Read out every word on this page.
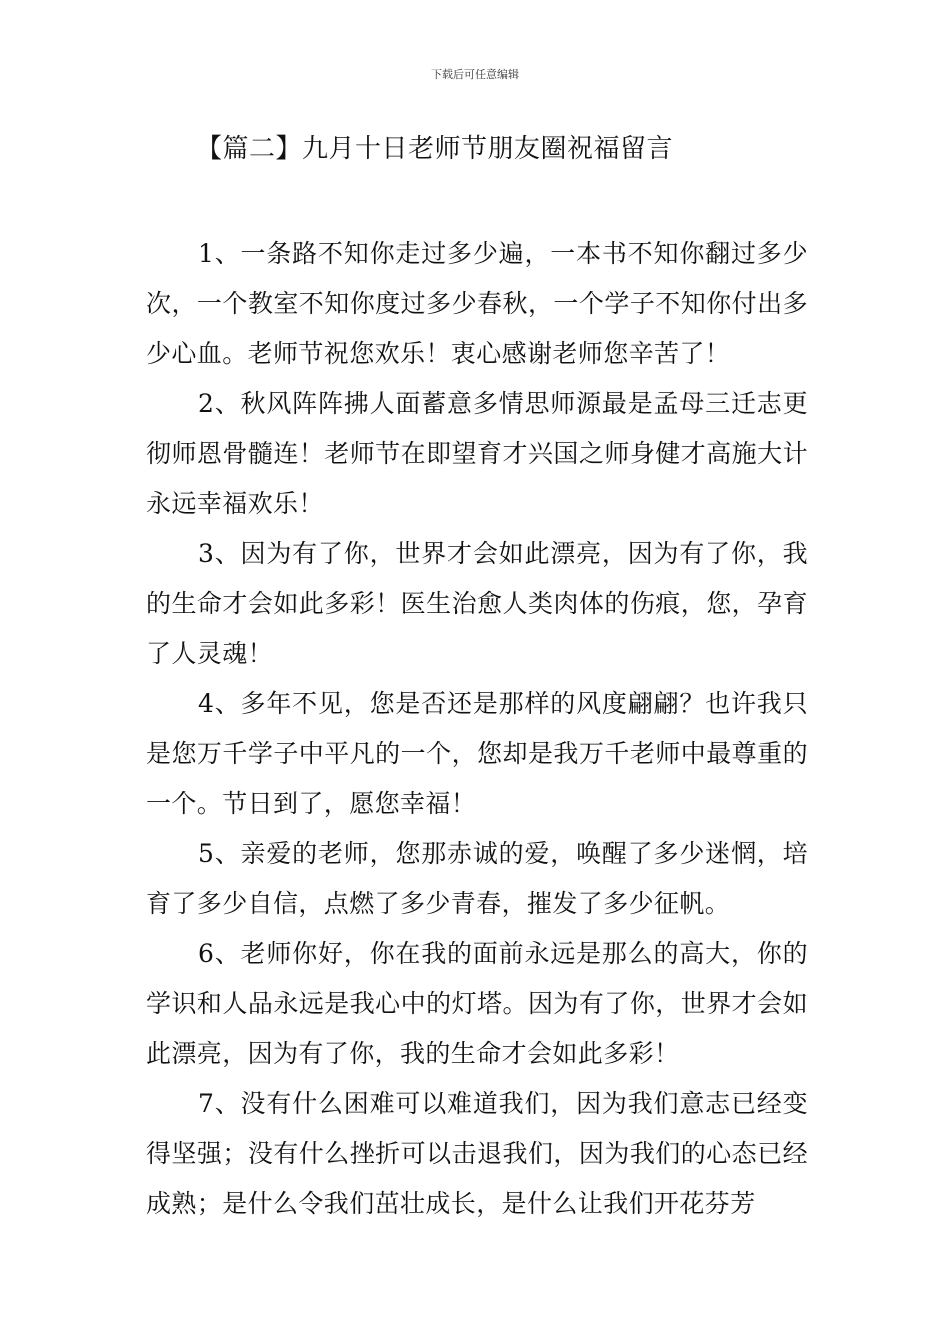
下载后可任意编辑
【篇二】九月十日老师节朋友圈祝福留言

1、一条路不知你走过多少遍，一本书不知你翻过多少次，一个教室不知你度过多少春秋，一个学子不知你付出多少心血。老师节祝您欢乐！衷心感谢老师您辛苦了！

2、秋风阵阵拂人面蓄意多情思师源最是孟母三迁志更彻师恩骨髓连！老师节在即望育才兴国之师身健才高施大计永远幸福欢乐！

3、因为有了你，世界才会如此漂亮，因为有了你，我的生命才会如此多彩！医生治愈人类肉体的伤痕，您，孕育了人灵魂！

4、多年不见，您是否还是那样的风度翩翩？也许我只是您万千学子中平凡的一个，您却是我万千老师中最尊重的一个。节日到了，愿您幸福！

5、亲爱的老师，您那赤诚的爱，唤醒了多少迷惘，培育了多少自信，点燃了多少青春，摧发了多少征帆。

6、老师你好，你在我的面前永远是那么的高大，你的学识和人品永远是我心中的灯塔。因为有了你，世界才会如此漂亮，因为有了你，我的生命才会如此多彩！

7、没有什么困难可以难道我们，因为我们意志已经变得坚强；没有什么挫折可以击退我们，因为我们的心态已经成熟；是什么令我们茁壮成长，是什么让我们开花芬芳
